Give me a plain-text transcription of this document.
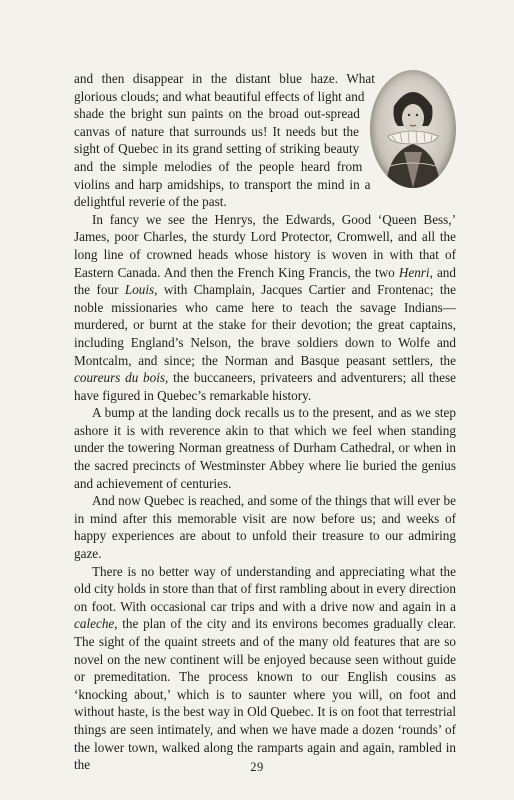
and then disappear in the distant blue haze. What glorious clouds; and what beautiful effects of light and shade the bright sun paints on the broad out-spread canvas of nature that surrounds us! It needs but the sight of Quebec in its grand setting of striking beauty and the simple melodies of the people heard from violins and harp amidships, to transport the mind in a delightful reverie of the past.

In fancy we see the Henrys, the Edwards, Good ‘Queen Bess,’ James, poor Charles, the sturdy Lord Protector, Cromwell, and all the long line of crowned heads whose history is woven in with that of Eastern Canada. And then the French King Francis, the two Henri, and the four Louis, with Champlain, Jacques Cartier and Frontenac; the noble missionaries who came here to teach the savage Indians—murdered, or burnt at the stake for their devotion; the great captains, including England’s Nelson, the brave soldiers down to Wolfe and Montcalm, and since; the Norman and Basque peasant settlers, the coureurs du bois, the buccaneers, privateers and adventurers; all these have figured in Quebec’s remarkable history.

A bump at the landing dock recalls us to the present, and as we step ashore it is with reverence akin to that which we feel when standing under the towering Norman greatness of Durham Cathedral, or when in the sacred precincts of Westminster Abbey where lie buried the genius and achievement of centuries.

And now Quebec is reached, and some of the things that will ever be in mind after this memorable visit are now before us; and weeks of happy experiences are about to unfold their treasure to our admiring gaze.

There is no better way of understanding and appreciating what the old city holds in store than that of first rambling about in every direction on foot. With occasional car trips and with a drive now and again in a caleche, the plan of the city and its environs becomes gradually clear. The sight of the quaint streets and of the many old features that are so novel on the new continent will be enjoyed because seen without guide or premeditation. The process known to our English cousins as ‘knocking about,’ which is to saunter where you will, on foot and without haste, is the best way in Old Quebec. It is on foot that terrestrial things are seen intimately, and when we have made a dozen ‘rounds’ of the lower town, walked along the ramparts again and again, rambled in the	29
